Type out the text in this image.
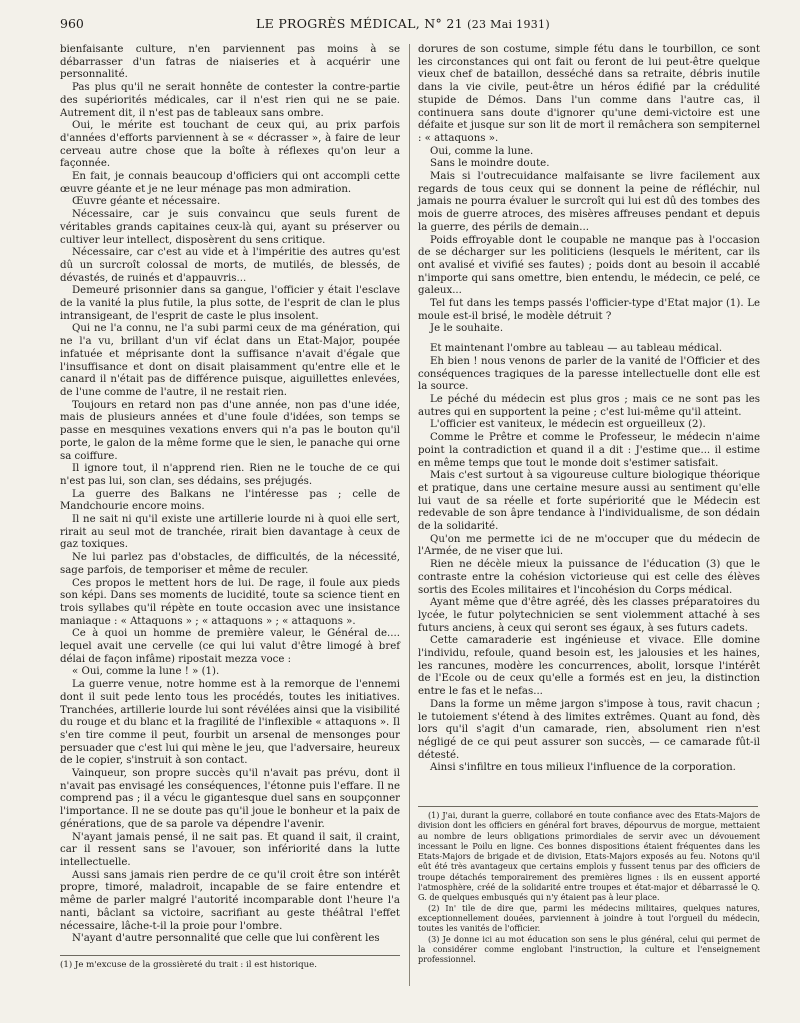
960	LE PROGRÈS MÉDICAL, N° 21 (23 Mai 1931)

bienfaisante culture, n'en parviennent pas moins à se débarrasser d'un fatras de niaiseries et à acquérir une personnalité.

Pas plus qu'il ne serait honnête de contester la contre-partie des supériorités médicales, car il n'est rien qui ne se paie. Autrement dit, il n'est pas de tableaux sans ombre.

Oui, le mérite est touchant de ceux qui, au prix parfois d'années d'efforts parviennent à se « décrasser », à faire de leur cerveau autre chose que la boîte à réflexes qu'on leur a façonnée.

En fait, je connais beaucoup d'officiers qui ont accompli cette œuvre géante et je ne leur ménage pas mon admiration.

Œuvre géante et nécessaire.

Nécessaire, car je suis convaincu que seuls furent de véritables grands capitaines ceux-là qui, ayant su préserver ou cultiver leur intellect, disposèrent du sens critique.

Nécessaire, car c'est au vide et à l'impéritie des autres qu'est dû un surcroît colossal de morts, de mutilés, de blessés, de dévastés, de ruinés et d'appauvris...

Demeuré prisonnier dans sa gangue, l'officier y était l'esclave de la vanité la plus futile, la plus sotte, de l'esprit de clan le plus intransigeant, de l'esprit de caste le plus insolent.

Qui ne l'a connu, ne l'a subi parmi ceux de ma génération, qui ne l'a vu, brillant d'un vif éclat dans un Etat-Major, poupée infatuée et méprisante dont la suffisance n'avait d'égale que l'insuffisance et dont on disait plaisamment qu'entre elle et le canard il n'était pas de différence puisque, aiguillettes enlevées, de l'une comme de l'autre, il ne restait rien.

Toujours en retard non pas d'une année, non pas d'une idée, mais de plusieurs années et d'une foule d'idées, son temps se passe en mesquines vexations envers qui n'a pas le bouton qu'il porte, le galon de la même forme que le sien, le panache qui orne sa coiffure.

Il ignore tout, il n'apprend rien. Rien ne le touche de ce qui n'est pas lui, son clan, ses dédains, ses préjugés.

La guerre des Balkans ne l'intéresse pas ; celle de Mandchourie encore moins.

Il ne sait ni qu'il existe une artillerie lourde ni à quoi elle sert, rirait au seul mot de tranchée, rirait bien davantage à ceux de gaz toxiques.

Ne lui parlez pas d'obstacles, de difficultés, de la nécessité, sage parfois, de temporiser et même de reculer.

Ces propos le mettent hors de lui. De rage, il foule aux pieds son képi. Dans ses moments de lucidité, toute sa science tient en trois syllabes qu'il répète en toute occasion avec une insistance maniaque : « Attaquons » ; « attaquons » ; « attaquons ».

Ce à quoi un homme de première valeur, le Général de.... lequel avait une cervelle (ce qui lui valut d'être limogé à bref délai de façon infâme) ripostait mezza voce :

« Oui, comme la lune ! » (1).

La guerre venue, notre homme est à la remorque de l'ennemi dont il suit pede lento tous les procédés, toutes les initiatives. Tranchées, artillerie lourde lui sont révélées ainsi que la visibilité du rouge et du blanc et la fragilité de l'inflexible « attaquons ». Il s'en tire comme il peut, fourbit un arsenal de mensonges pour persuader que c'est lui qui mène le jeu, que l'adversaire, heureux de le copier, s'instruit à son contact.

Vainqueur, son propre succès qu'il n'avait pas prévu, dont il n'avait pas envisagé les conséquences, l'étonne puis l'effare. Il ne comprend pas ; il a vécu le gigantesque duel sans en soupçonner l'importance. Il ne se doute pas qu'il joue le bonheur et la paix de générations, que de sa parole va dépendre l'avenir.

N'ayant jamais pensé, il ne sait pas. Et quand il sait, il craint, car il ressent sans se l'avouer, son infériorité dans la lutte intellectuelle.

Aussi sans jamais rien perdre de ce qu'il croit être son intérêt propre, timoré, maladroit, incapable de se faire entendre et même de parler malgré l'autorité incomparable dont l'heure l'a nanti, bâclant sa victoire, sacrifiant au geste théâtral l'effet nécessaire, lâche-t-il la proie pour l'ombre.

N'ayant d'autre personnalité que celle que lui confèrent les

dorures de son costume, simple fétu dans le tourbillon, ce sont les circonstances qui ont fait ou feront de lui peut-être quelque vieux chef de bataillon, desséché dans sa retraite, débris inutile dans la vie civile, peut-être un héros édifié par la crédulité stupide de Démos. Dans l'un comme dans l'autre cas, il continuera sans doute d'ignorer qu'une demi-victoire est une défaite et jusque sur son lit de mort il remâchera son sempiternel : « attaquons ».

Oui, comme la lune.

Sans le moindre doute.

Mais si l'outrecuidance malfaisante se livre facilement aux regards de tous ceux qui se donnent la peine de réfléchir, nul jamais ne pourra évaluer le surcroît qui lui est dû des tombes des mois de guerre atroces, des misères affreuses pendant et depuis la guerre, des périls de demain...

Poids effroyable dont le coupable ne manque pas à l'occasion de se décharger sur les politiciens (lesquels le méritent, car ils ont avalisé et vivifié ses fautes) ; poids dont au besoin il accablé n'importe qui sans omettre, bien entendu, le médecin, ce pelé, ce galeux...

Tel fut dans les temps passés l'officier-type d'Etat major (1). Le moule est-il brisé, le modèle détruit ?

Je le souhaite.

Et maintenant l'ombre au tableau — au tableau médical.

Eh bien ! nous venons de parler de la vanité de l'Officier et des conséquences tragiques de la paresse intellectuelle dont elle est la source.

Le péché du médecin est plus gros ; mais ce ne sont pas les autres qui en supportent la peine ; c'est lui-même qu'il atteint.

L'officier est vaniteux, le médecin est orgueilleux (2).

Comme le Prêtre et comme le Professeur, le médecin n'aime point la contradiction et quand il a dit : J'estime que... il estime en même temps que tout le monde doit s'estimer satisfait.

Mais c'est surtout à sa vigoureuse culture biologique théorique et pratique, dans une certaine mesure aussi au sentiment qu'elle lui vaut de sa réelle et forte supériorité que le Médecin est redevable de son âpre tendance à l'individualisme, de son dédain de la solidarité.

Qu'on me permette ici de ne m'occuper que du médecin de l'Armée, de ne viser que lui.

Rien ne décèle mieux la puissance de l'éducation (3) que le contraste entre la cohésion victorieuse qui est celle des élèves sortis des Ecoles militaires et l'incohésion du Corps médical.

Ayant même que d'être agréé, dès les classes préparatoires du lycée, le futur polytechnicien se sent violemment attaché à ses futurs anciens, à ceux qui seront ses égaux, à ses futurs cadets.

Cette camaraderie est ingénieuse et vivace. Elle domine l'individu, refoule, quand besoin est, les jalousies et les haines, les rancunes, modère les concurrences, abolit, lorsque l'intérêt de l'Ecole ou de ceux qu'elle a formés est en jeu, la distinction entre le fas et le nefas...

Dans la forme un même jargon s'impose à tous, ravit chacun ; le tutoiement s'étend à des limites extrêmes. Quant au fond, dès lors qu'il s'agit d'un camarade, rien, absolument rien n'est négligé de ce qui peut assurer son succès, — ce camarade fût-il détesté.

Ainsi s'infiltre en tous milieux l'influence de la corporation.

(1) Je m'excuse de la grossièreté du trait : il est historique.

(1) J'ai, durant la guerre, collaboré en toute confiance avec des Etats-Majors de division dont les officiers en général fort braves, dépourvus de morgue, mettaient au nombre de leurs obligations primordiales de servir avec un dévouement incessant le Poilu en ligne. Ces bonnes dispositions étaient fréquentes dans les Etats-Majors de brigade et de division, Etats-Majors exposés au feu. Notons qu'il eût été très avantageux que certains emplois y fussent tenus par des officiers de troupe détachés temporairement des premières lignes : ils en eussent apporté l'atmosphère, créé de la solidarité entre troupes et état-major et débarrassé le Q. G. de quelques embusqués qui n'y étaient pas à leur place.

(2) In' tile de dire que, parmi les médecins militaires, quelques natures, exceptionnellement douées, parviennent à joindre à tout l'orgueil du médecin, toutes les vanités de l'officier.

(3) Je donne ici au mot éducation son sens le plus général, celui qui permet de la considérer comme englobant l'instruction, la culture et l'enseignement professionnel.
